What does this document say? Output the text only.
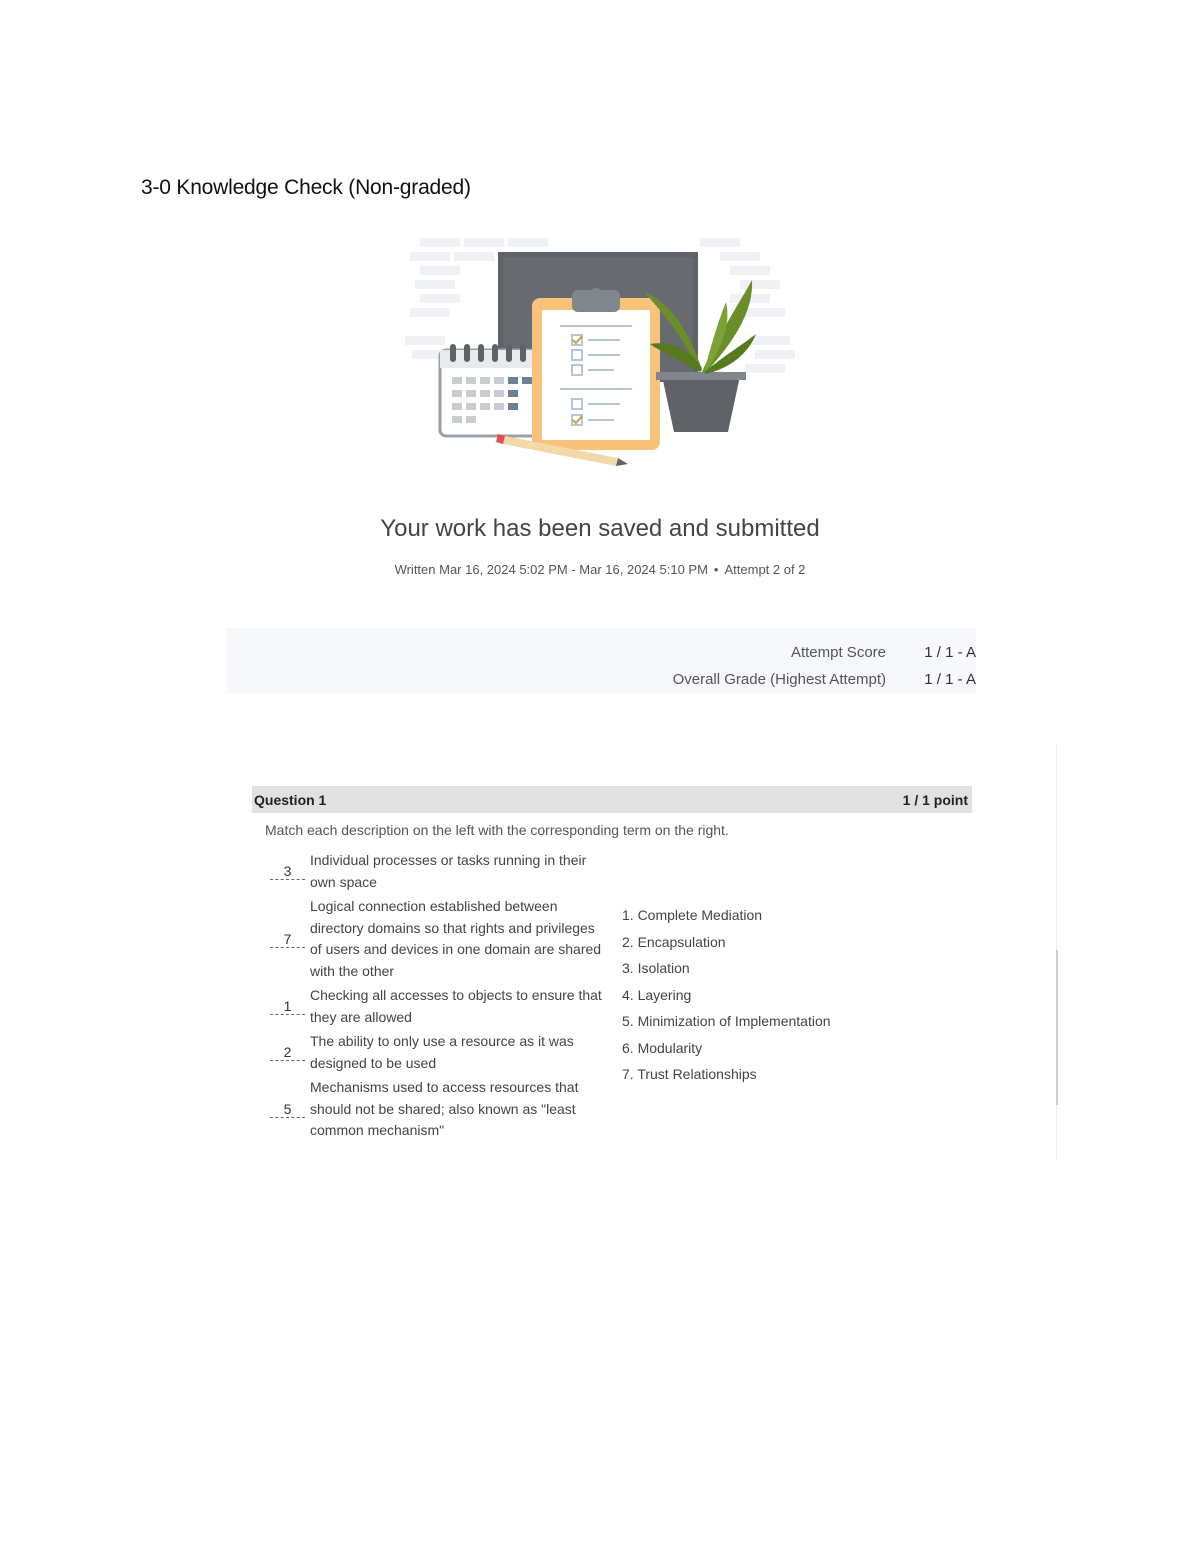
3-0 Knowledge Check (Non-graded)
Your work has been saved and submitted
Written Mar 16, 2024 5:02 PM - Mar 16, 2024 5:10 PM • Attempt 2 of 2
Attempt Score	1 / 1 - A
Overall Grade (Highest Attempt)	1 / 1 - A
Question 1	1 / 1 point
Match each description on the left with the corresponding term on the right.
3
Individual processes or tasks running in their own space
7
Logical connection established between directory domains so that rights and privileges of users and devices in one domain are shared with the other
1
Checking all accesses to objects to ensure that they are allowed
2
The ability to only use a resource as it was designed to be used
5
Mechanisms used to access resources that should not be shared; also known as "least common mechanism"
1. Complete Mediation
2. Encapsulation
3. Isolation
4. Layering
5. Minimization of Implementation
6. Modularity
7. Trust Relationships
